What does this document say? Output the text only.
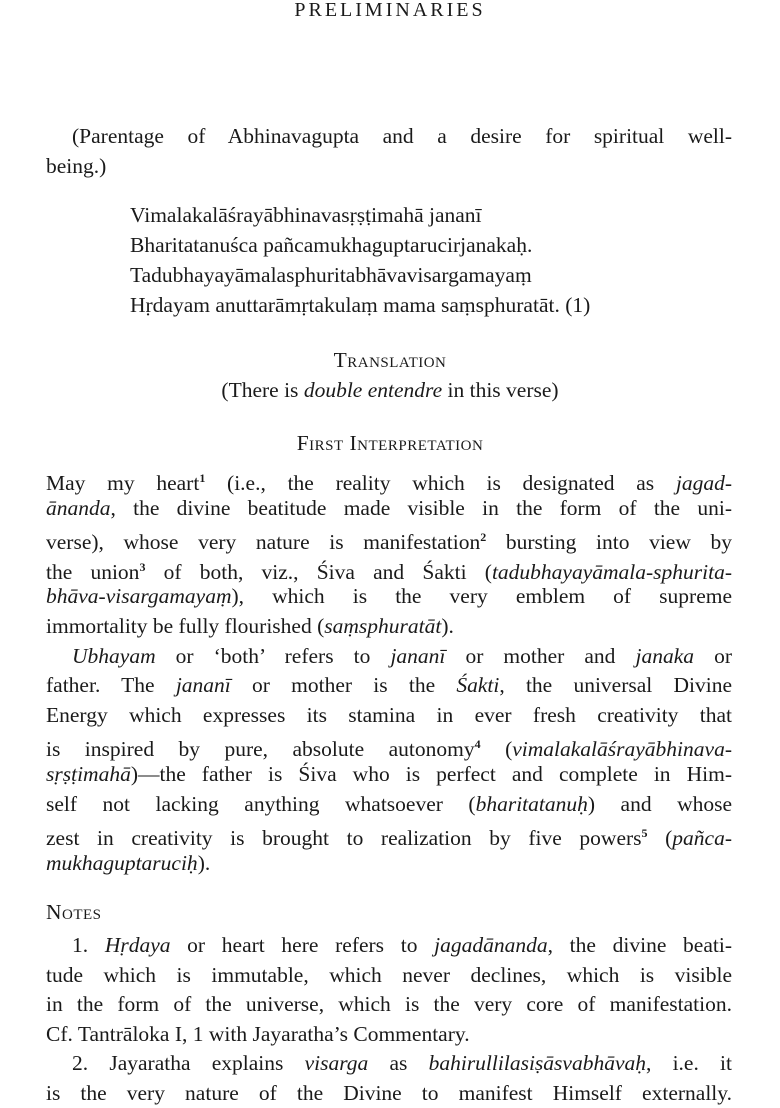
PRELIMINARIES
(Parentage of Abhinavagupta and a desire for spiritual well-
being.)
Vimalakalāśrayābhinavasṛṣṭimahā jananī
Bharitatanuśca pañcamukhaguptarucirjanakaḥ.
Tadubhayayāmalasphuritabhāvavisargamayaṃ
Hṛdayam anuttarāmṛtakulaṃ mama saṃsphuratāt. (1)
Translation
(There is double entendre in this verse)
First Interpretation
May my heart$^1$ (i.e., the reality which is designated as jagad-
ānanda, the divine beatitude made visible in the form of the uni-
verse), whose very nature is manifestation$^2$ bursting into view by
the union$^3$ of both, viz., Śiva and Śakti (tadubhayayāmala-sphurita-
bhāva-visargamayaṃ), which is the very emblem of supreme
immortality be fully flourished (saṃsphuratāt).
Ubhayam or ‘both’ refers to jananī or mother and janaka or
father. The jananī or mother is the Śakti, the universal Divine
Energy which expresses its stamina in ever fresh creativity that
is inspired by pure, absolute autonomy$^4$ (vimalakalāśrayābhinava-
sṛṣṭimahā)—the father is Śiva who is perfect and complete in Him-
self not lacking anything whatsoever (bharitatanuḥ) and whose
zest in creativity is brought to realization by five powers$^5$ (pañca-
mukhaguptaruciḥ).
Notes
1. Hṛdaya or heart here refers to jagadānanda, the divine beati-
tude which is immutable, which never declines, which is visible
in the form of the universe, which is the very core of manifestation.
Cf. Tantrāloka I, 1 with Jayaratha’s Commentary.
2. Jayaratha explains visarga as bahirullilasiṣāsvabhāvaḥ, i.e. it
is the very nature of the Divine to manifest Himself externally.
